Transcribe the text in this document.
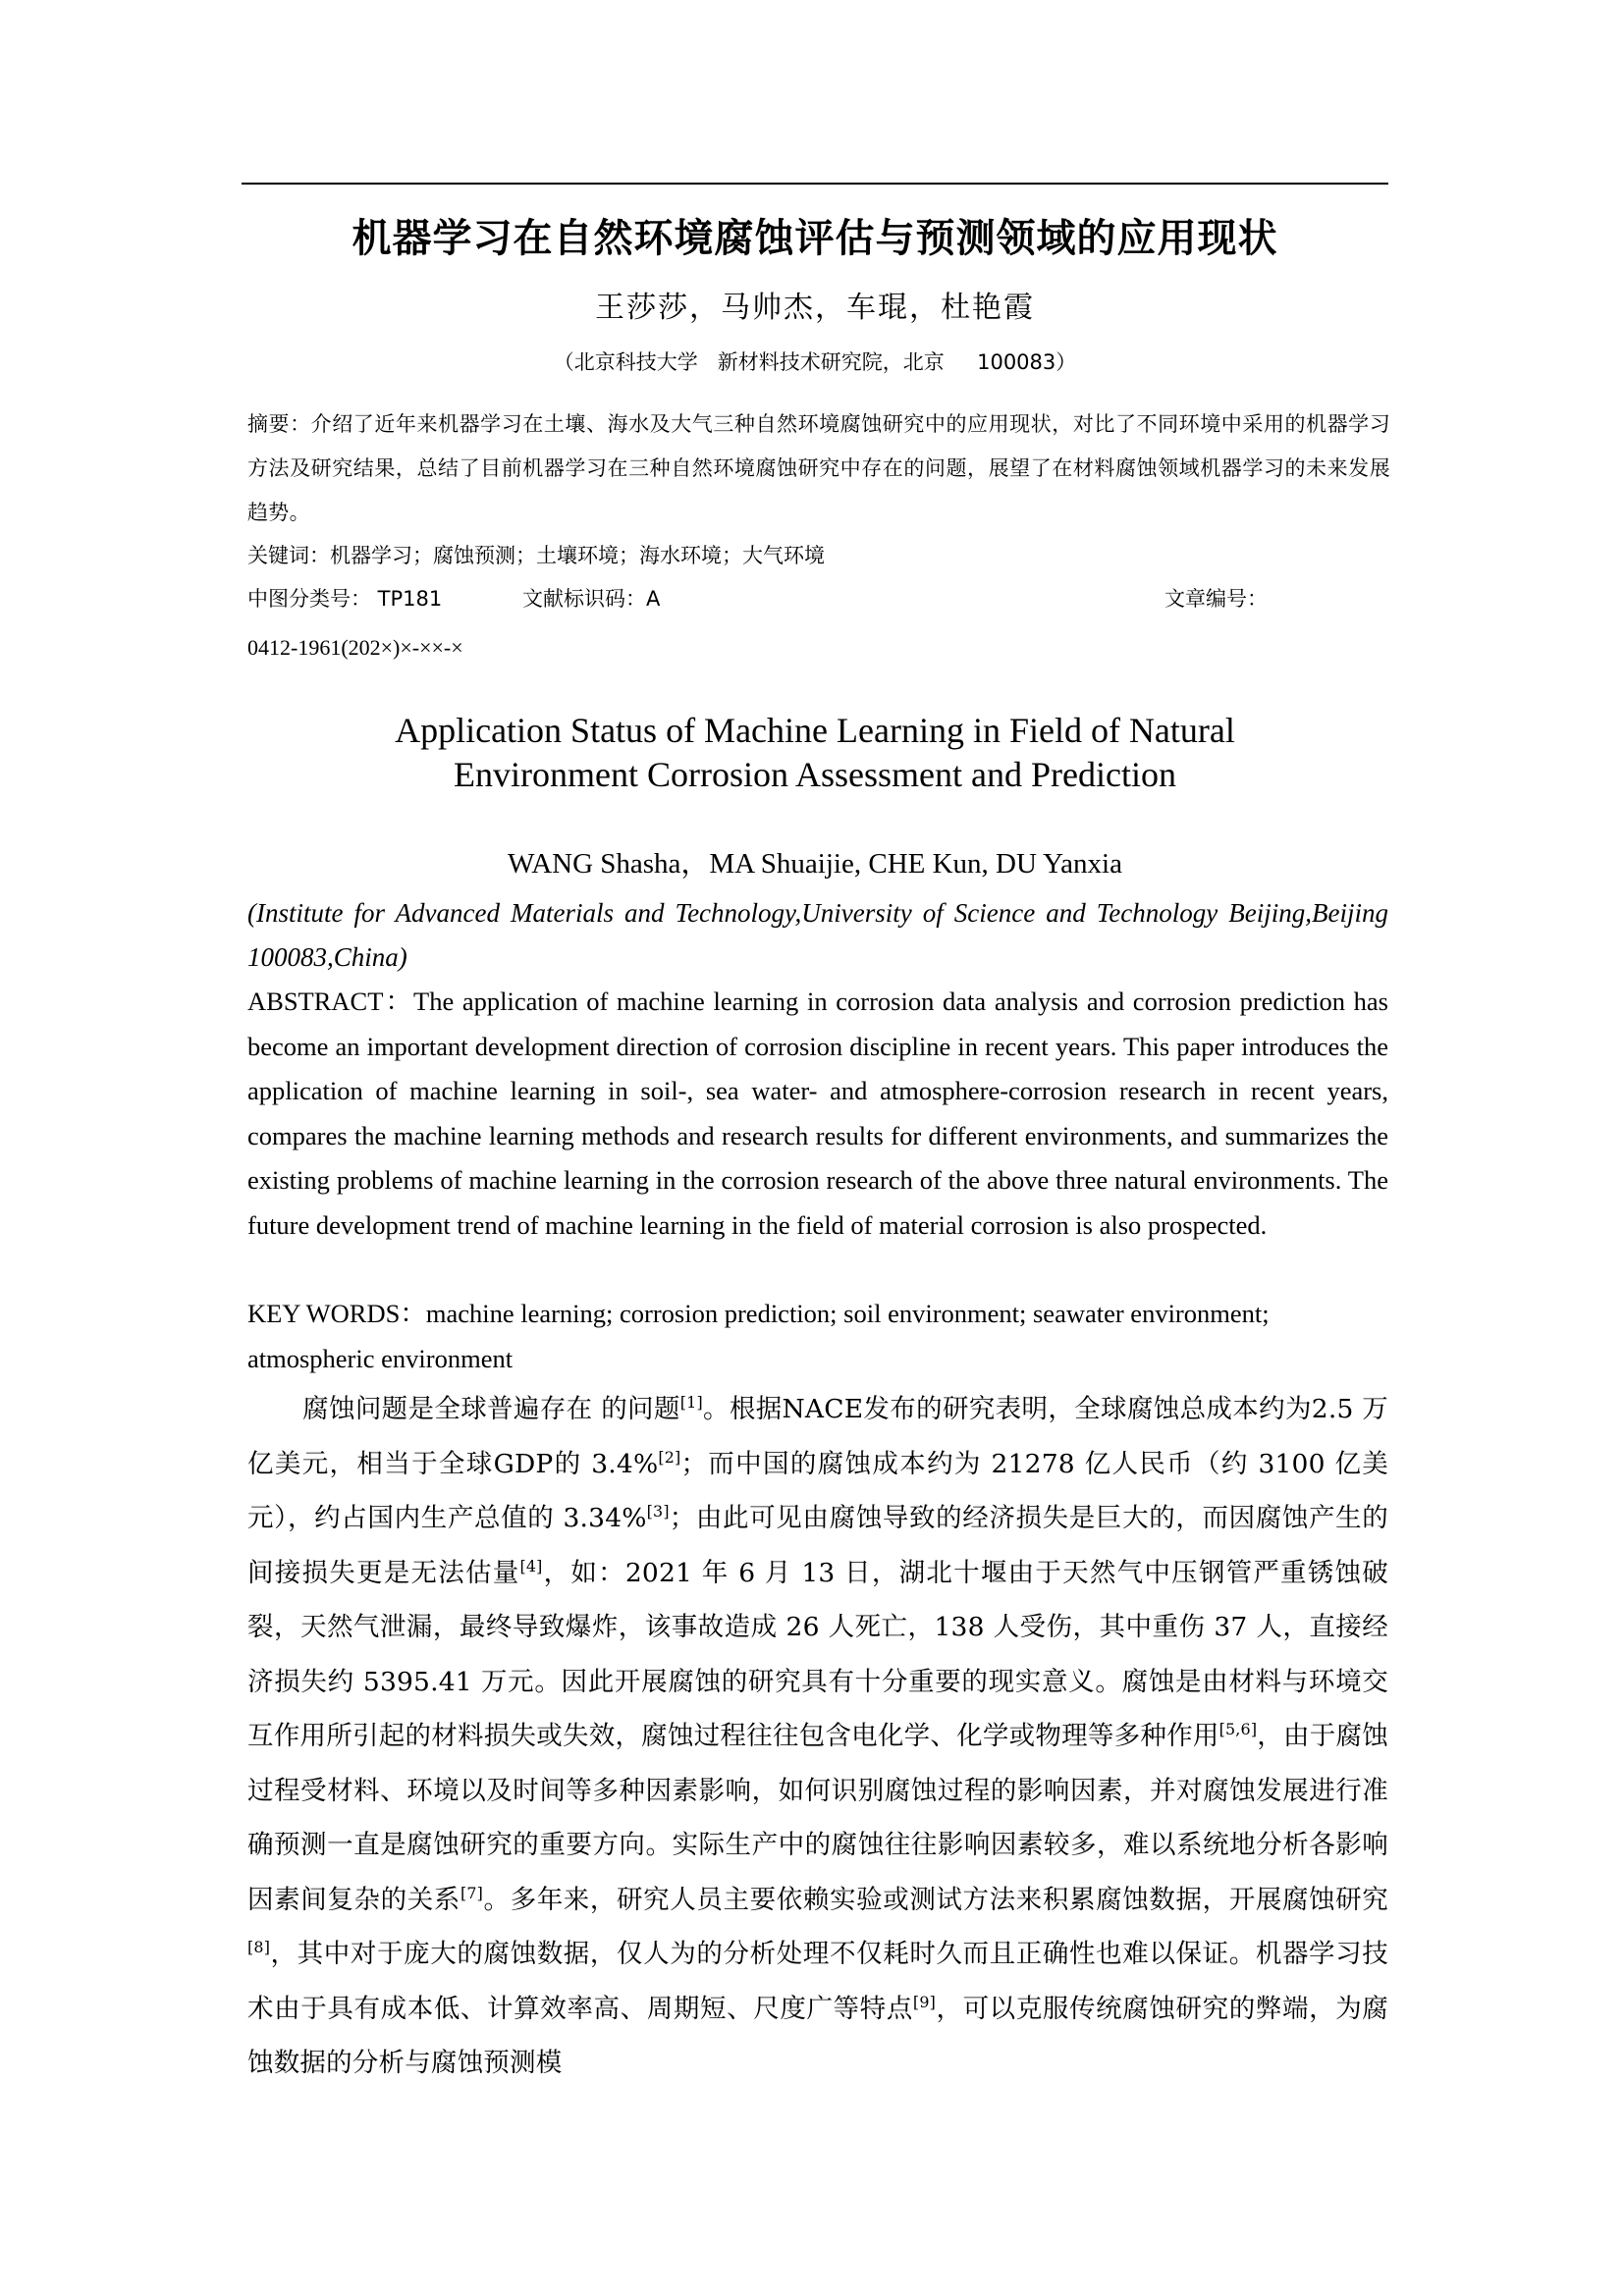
机器学习在自然环境腐蚀评估与预测领域的应用现状
王莎莎，马帅杰，车琨，杜艳霞
（北京科技大学   新材料技术研究院，北京     100083）
摘要：介绍了近年来机器学习在土壤、海水及大气三种自然环境腐蚀研究中的应用现状，对比了不同环境中采用的机器学习方法及研究结果，总结了目前机器学习在三种自然环境腐蚀研究中存在的问题，展望了在材料腐蚀领域机器学习的未来发展趋势。
关键词：机器学习；腐蚀预测；土壤环境；海水环境；大气环境
中图分类号： TP181	文献标识码：A	文章编号：
0412-1961(202×)×-××-×
Application Status of Machine Learning in Field of Natural
Environment Corrosion Assessment and Prediction
WANG Shasha，MA Shuaijie, CHE Kun, DU Yanxia
(Institute for Advanced Materials and Technology,University of Science and Technology Beijing,Beijing 100083,China)
ABSTRACT：The application of machine learning in corrosion data analysis and corrosion prediction has become an important development direction of corrosion discipline in recent years. This paper introduces the application of machine learning in soil-, sea water- and atmosphere-corrosion research in recent years, compares the machine learning methods and research results for different environments, and summarizes the existing problems of machine learning in the corrosion research of the above three natural environments. The future development trend of machine learning in the field of material corrosion is also prospected.
KEY WORDS：machine learning; corrosion prediction; soil environment; seawater environment; atmospheric environment
腐蚀问题是全球普遍存在 的问题[1]。根据NACE发布的研究表明，全球腐蚀总成本约为2.5 万亿美元，相当于全球GDP的 3.4%[2]；而中国的腐蚀成本约为 21278 亿人民币（约 3100 亿美元），约占国内生产总值的 3.34%[3]；由此可见由腐蚀导致的经济损失是巨大的，而因腐蚀产生的间接损失更是无法估量[4]，如：2021 年 6 月 13 日，湖北十堰由于天然气中压钢管严重锈蚀破裂，天然气泄漏，最终导致爆炸，该事故造成 26 人死亡，138 人受伤，其中重伤 37 人，直接经济损失约 5395.41 万元。因此开展腐蚀的研究具有十分重要的现实意义。腐蚀是由材料与环境交互作用所引起的材料损失或失效，腐蚀过程往往包含电化学、化学或物理等多种作用[5,6]，由于腐蚀过程受材料、环境以及时间等多种因素影响，如何识别腐蚀过程的影响因素，并对腐蚀发展进行准确预测一直是腐蚀研究的重要方向。实际生产中的腐蚀往往影响因素较多，难以系统地分析各影响因素间复杂的关系[7]。多年来，研究人员主要依赖实验或测试方法来积累腐蚀数据，开展腐蚀研究[8]，其中对于庞大的腐蚀数据，仅人为的分析处理不仅耗时久而且正确性也难以保证。机器学习技术由于具有成本低、计算效率高、周期短、尺度广等特点[9]，可以克服传统腐蚀研究的弊端，为腐蚀数据的分析与腐蚀预测模
